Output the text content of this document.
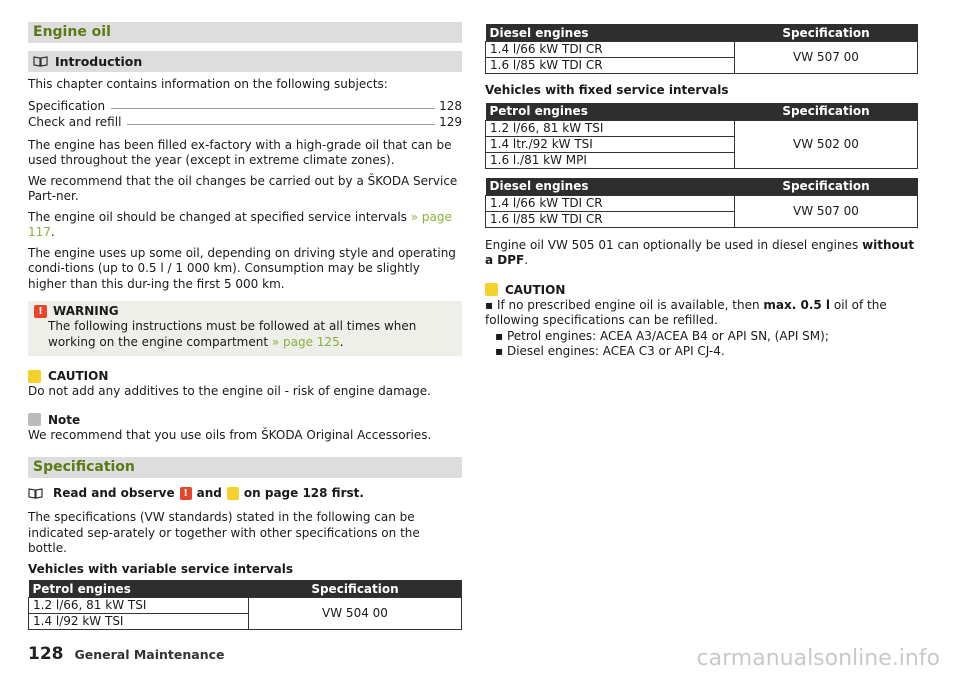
Engine oil
Introduction

This chapter contains information on the following subjects:

Specification	128
Check and refill	129

The engine has been filled ex-factory with a high-grade oil that can be used throughout the year (except in extreme climate zones).

We recommend that the oil changes be carried out by a ŠKODA Service Part-ner.

The engine oil should be changed at specified service intervals » page 117.

The engine uses up some oil, depending on driving style and operating condi-tions (up to 0.5 l / 1 000 km). Consumption may be slightly higher than this dur-ing the first 5 000 km.

! WARNING

The following instructions must be followed at all times when working on the engine compartment » page 125.

CAUTION

Do not add any additives to the engine oil - risk of engine damage.

Note

We recommend that you use oils from ŠKODA Original Accessories.

Specification
Read and observe ! and on page 128 first.

The specifications (VW standards) stated in the following can be indicated sep-arately or together with other specifications on the bottle.

Vehicles with variable service intervals

Petrol engines	Specification
1.2 l/66, 81 kW TSI	VW 504 00
1.4 l/92 kW TSI	
Diesel engines	Specification
1.4 l/66 kW TDI CR	VW 507 00
1.6 l/85 kW TDI CR	

Vehicles with fixed service intervals

Petrol engines	Specification
1.2 l/66, 81 kW TSI	VW 502 00
1.4 ltr./92 kW TSI	
1.6 l./81 kW MPI	
Diesel engines	Specification
1.4 l/66 kW TDI CR	VW 507 00
1.6 l/85 kW TDI CR	

Engine oil VW 505 01 can optionally be used in diesel engines without a DPF.

CAUTION

▪ If no prescribed engine oil is available, then max. 0.5 l oil of the following specifications can be refilled.

▪ Petrol engines: ACEA A3/ACEA B4 or API SN, (API SM);

▪ Diesel engines: ACEA C3 or API CJ-4.

128 General Maintenance	carmanualsonline.info
